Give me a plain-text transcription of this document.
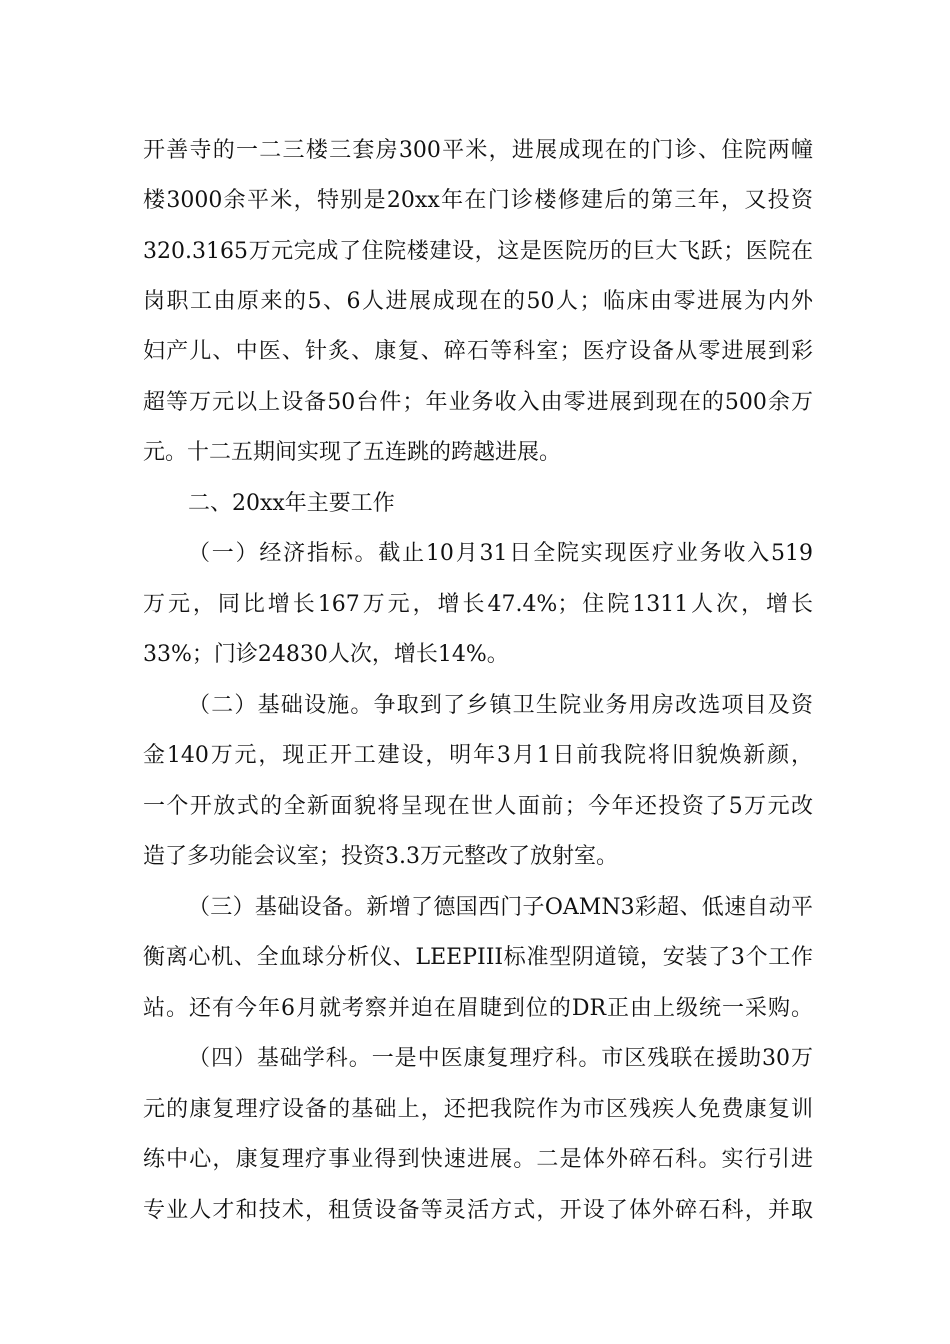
开善寺的一二三楼三套房300平米，进展成现在的门诊、住院两幢
楼3000余平米，特别是20xx年在门诊楼修建后的第三年，又投资
320.3165万元完成了住院楼建设，这是医院历的巨大飞跃；医院在
岗职工由原来的5、6人进展成现在的50人；临床由零进展为内外
妇产儿、中医、针炙、康复、碎石等科室；医疗设备从零进展到彩
超等万元以上设备50台件；年业务收入由零进展到现在的500余万
元。十二五期间实现了五连跳的跨越进展。
二、20xx年主要工作
（一）经济指标。截止10月31日全院实现医疗业务收入519
万元，同比增长167万元，增长47.4%；住院1311人次，增长
33%；门诊24830人次，增长14%。
（二）基础设施。争取到了乡镇卫生院业务用房改选项目及资
金140万元，现正开工建设，明年3月1日前我院将旧貌焕新颜，
一个开放式的全新面貌将呈现在世人面前；今年还投资了5万元改
造了多功能会议室；投资3.3万元整改了放射室。
（三）基础设备。新增了德国西门子OAMN3彩超、低速自动平
衡离心机、全血球分析仪、LEEPIII标准型阴道镜，安装了3个工作
站。还有今年6月就考察并迫在眉睫到位的DR正由上级统一采购。
（四）基础学科。一是中医康复理疗科。市区残联在援助30万
元的康复理疗设备的基础上，还把我院作为市区残疾人免费康复训
练中心，康复理疗事业得到快速进展。二是体外碎石科。实行引进
专业人才和技术，租赁设备等灵活方式，开设了体外碎石科，并取
